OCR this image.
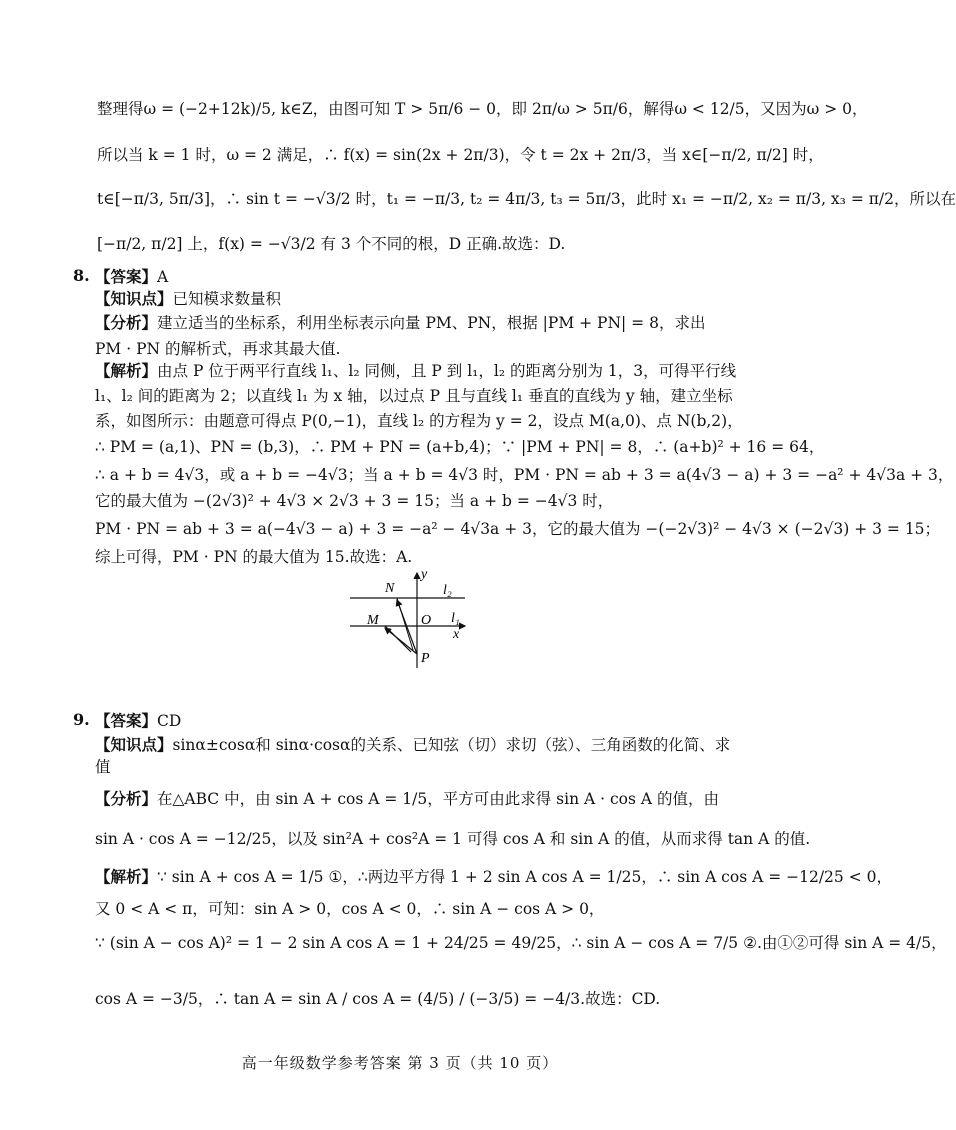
整理得ω = (−2+12k)/5, k∈Z，由图可知 T > 5π/6 − 0，即 2π/ω > 5π/6，解得ω < 12/5，又因为ω > 0，
所以当 k = 1 时，ω = 2 满足，∴ f(x) = sin(2x + 2π/3)，令 t = 2x + 2π/3，当 x∈[−π/2, π/2] 时，
t∈[−π/3, 5π/3]，∴ sin t = −√3/2 时，t₁ = −π/3, t₂ = 4π/3, t₃ = 5π/3，此时 x₁ = −π/2, x₂ = π/3, x₃ = π/2，所以在
[−π/2, π/2] 上，f(x) = −√3/2 有 3 个不同的根，D 正确.故选：D.
8. 【答案】A
【知识点】已知模求数量积
【分析】建立适当的坐标系，利用坐标表示向量 PM、PN，根据 |PM + PN| = 8，求出
PM · PN 的解析式，再求其最大值.
【解析】由点 P 位于两平行直线 l₁、l₂ 同侧，且 P 到 l₁，l₂ 的距离分别为 1，3，可得平行线
l₁、l₂ 间的距离为 2；以直线 l₁ 为 x 轴，以过点 P 且与直线 l₁ 垂直的直线为 y 轴，建立坐标
系，如图所示：由题意可得点 P(0,−1)，直线 l₂ 的方程为 y = 2，设点 M(a,0)、点 N(b,2)，
∴ PM = (a,1)、PN = (b,3)，∴ PM + PN = (a+b,4)；∵ |PM + PN| = 8，∴ (a+b)² + 16 = 64，
∴ a + b = 4√3，或 a + b = −4√3；当 a + b = 4√3 时，PM · PN = ab + 3 = a(4√3 − a) + 3 = −a² + 4√3a + 3，
它的最大值为 −(2√3)² + 4√3 × 2√3 + 3 = 15；当 a + b = −4√3 时，
PM · PN = ab + 3 = a(−4√3 − a) + 3 = −a² − 4√3a + 3，它的最大值为 −(−2√3)² − 4√3 × (−2√3) + 3 = 15；
综上可得，PM · PN 的最大值为 15.故选：A.
N
y
l₂
M	O l₁
x
P
9. 【答案】CD
【知识点】sinα±cosα和 sinα·cosα的关系、已知弦（切）求切（弦）、三角函数的化简、求
值
【分析】在△ABC 中，由 sin A + cos A = 1/5，平方可由此求得 sin A · cos A 的值，由
sin A · cos A = −12/25，以及 sin²A + cos²A = 1 可得 cos A 和 sin A 的值，从而求得 tan A 的值.
【解析】∵ sin A + cos A = 1/5 ①，∴两边平方得 1 + 2 sin A cos A = 1/25，∴ sin A cos A = −12/25 < 0，
又 0 < A < π，可知：sin A > 0，cos A < 0，∴ sin A − cos A > 0，
∵ (sin A − cos A)² = 1 − 2 sin A cos A = 1 + 24/25 = 49/25，∴ sin A − cos A = 7/5 ②.由①②可得 sin A = 4/5，
cos A = −3/5，∴ tan A = sin A / cos A = (4/5) / (−3/5) = −4/3.故选：CD.
高一年级数学参考答案 第 3 页（共 10 页）
